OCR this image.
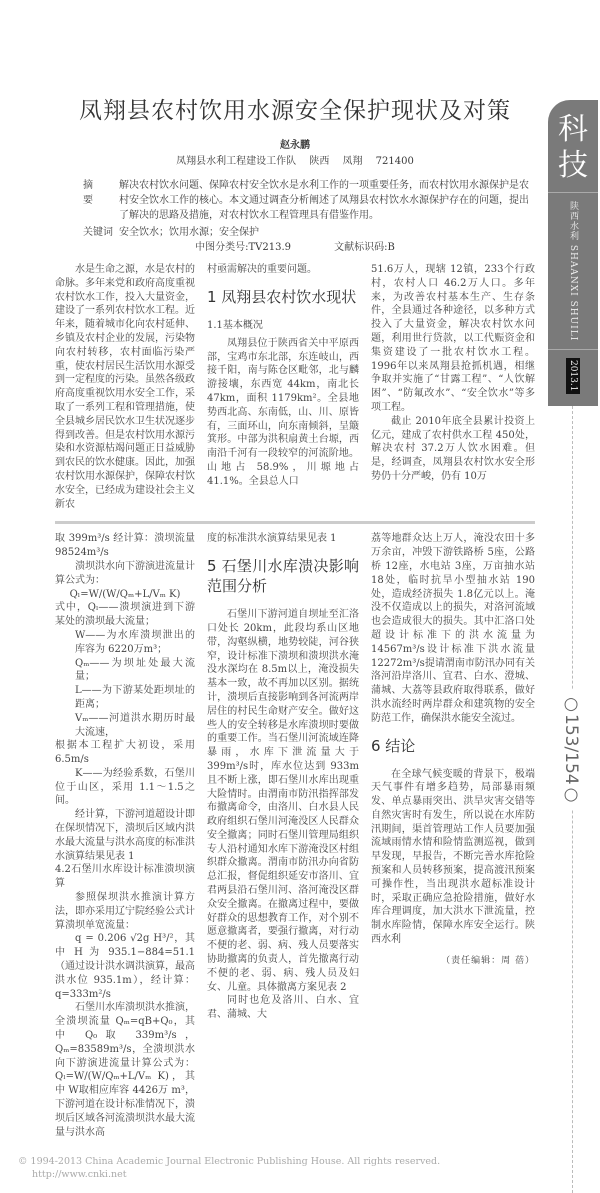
凤翔县农村饮用水源安全保护现状及对策
赵永鹏
凤翔县水利工程建设工作队 陕西 凤翔 721400
摘 要
解决农村饮水问题、保障农村安全饮水是水利工作的一项重要任务，而农村饮用水源保护是农村安全饮水工作的核心。本文通过调查分析阐述了凤翔县农村饮水水源保护存在的问题，提出了解决的思路及措施，对农村饮水工程管理具有借鉴作用。
关键词 安全饮水；饮用水源；安全保护
中图分类号:TV213.9	文献标识码:B

水是生命之源，水是农村的命脉。多年来党和政府高度重视农村饮水工作，投入大量资金，建设了一系列农村饮水工程。近年来，随着城市化向农村延伸、乡镇及农村企业的发展，污染物向农村转移，农村面临污染严重，使农村居民生活饮用水源受到一定程度的污染。虽然各级政府高度重视饮用水安全工作，采取了一系列工程和管理措施，使全县城乡居民饮水卫生状况逐步得到改善。但是农村饮用水源污染和水资源枯竭问题正日益威胁到农民的饮水健康。因此，加强农村饮用水源保护，保障农村饮水安全，已经成为建设社会主义新农

村亟需解决的重要问题。

1 凤翔县农村饮水现状
1.1基本概况

凤翔县位于陕西省关中平原西部，宝鸡市东北部，东连岐山，西接千阳，南与陈仓区毗邻，北与麟游接壤，东西宽 44km，南北长 47km，面积 1179km²。全县地势西北高、东南低，山、川、原皆有，三面环山，向东南倾斜，呈簸箕形。中部为洪积扇黄土台塬，西南沿千河有一段较窄的河流阶地。山地占 58.9%，川塬地占 41.1%。全县总人口

51.6万人，现辖 12镇，233个行政村，农村人口 46.2万人口。多年来，为改善农村基本生产、生存条件，全县通过各种途径，以多种方式投入了大量资金，解决农村饮水问题，利用世行贷款，以工代赈资金和集资建设了一批农村饮水工程。1996年以来凤翔县抢抓机遇，相继争取并实施了“甘露工程”、“人饮解困”、“防氟改水”、“安全饮水”等多项工程。

截止 2010年底全县累计投资上亿元，建成了农村供水工程 450处，解决农村 37.2万人饮水困难。但是，经调查，凤翔县农村饮水安全形势仍十分严峻，仍有 10万

取 399m³/s 经计算：溃坝流量 98524m³/s

溃坝洪水向下游演进流量计算公式为：

Qₗ=W/(W/Qₘ+L/Vₘ K)

式中，Qₗ——溃坝演进到下游某处的溃坝最大流量；

W——为水库溃坝泄出的库容为 6220万m³；

Qₘ——为坝址处最大流量；

L——为下游某处距坝址的距离；

Vₘ——河道洪水期历时最大流速，

根据本工程扩大初设，采用 6.5m/s

K——为经验系数，石堡川位于山区，采用 1.1～1.5之间。

经计算，下游河道超设计即在保坝情况下，溃坝后区域内洪水最大流量与洪水高度的标准洪水演算结果见表 1

4.2石堡川水库设计标准溃坝演算

参照保坝洪水推演计算方法，即亦采用辽宁院经验公式计算溃坝单宽流量：

q = 0.206 √2g H³/²，其中 H 为 935.1−884=51.1（通过设计洪水调洪演算，最高洪水位 935.1m），经计算：q=333m²/s

石堡川水库溃坝洪水推演，全溃坝流量 Qₘ=qB+Q₀，其中 Q₀取 339m³/s，Qₘ=83589m³/s，全溃坝洪水向下游演进流量计算公式为：Qₗ=W/(W/Qₘ+L/Vₘ K)，其中 W取相应库容 4426万 m³，下游河道在设计标准情况下，溃坝后区域各河流溃坝洪水最大流量与洪水高

度的标准洪水演算结果见表 1

5 石堡川水库溃决影响范围分析

石堡川下游河道自坝址至汇洛口处长 20km，此段均系山区地带，沟壑纵横，地势较陡，河谷狭窄，设计标准下溃坝和溃坝洪水淹没水深均在 8.5m以上，淹没损失基本一致，故不再加以区别。据统计，溃坝后直接影响到各河流两岸居住的村民生命财产安全。做好这些人的安全转移是水库溃坝时要做的重要工作。当石堡川河流域连降暴雨，水库下泄流量大于 399m³/s时，库水位达到 933m且不断上涨，即石堡川水库出现重大险情时。由渭南市防汛指挥部发布撤离命令，由洛川、白水县人民政府组织石堡川河淹没区人民群众安全撤离；同时石堡川管理局组织专人沿村通知水库下游淹没区村组织群众撤离。渭南市防汛办向省防总汇报，督促组织延安市洛川、宜君两县沿石堡川河、洛河淹没区群众安全撤离。在撤离过程中，要做好群众的思想教育工作，对个别不愿意撤离者，要强行撤离，对行动不便的老、弱、病、残人员要落实协助撤离的负责人，首先撤离行动不便的老、弱、病、残人员及妇女、儿童。具体撤离方案见表 2

同时也危及洛川、白水、宜君、蒲城、大

荔等地群众达上万人，淹没农田十多万余亩，冲毁下游铁路桥 5座，公路桥 12座，水电站 3座，万亩抽水站 18处，临时抗旱小型抽水站 190处，造成经济损失 1.8亿元以上。淹没不仅造成以上的损失，对洛河流域也会造成很大的损失。其中汇洛口处超设计标准下的洪水流量为 14567m³/s设计标准下洪水流量 12272m³/s提请渭南市防汛办同有关洛河沿岸洛川、宜君、白水、澄城、蒲城、大荔等县政府取得联系，做好洪水流经时两岸群众和建筑物的安全防范工作，确保洪水能安全流过。

6 结论

在全球气候变暖的背景下，极端天气事件有增多趋势，局部暴雨频发、单点暴雨突出、洪旱灾害交错等自然灾害时有发生，所以说在水库防汛期间，渠首管理站工作人员要加强流域雨情水情和险情监测巡视，做到早发现，早报告，不断完善水库抢险预案和人员转移预案，提高渡汛预案可操作性，当出现洪水超标准设计时，采取正确应急抢险措施，做好水库合理调度，加大洪水下泄流量，控制水库险情，保障水库安全运行。陕西水利

（责任编辑：周 蓓）
© 1994-2013 China Academic Journal Electronic Publishing House. All rights reserved. http://www.cnki.net
科技
陕西水利 SHAANXI SHUILI
2013.1
○153/154○
